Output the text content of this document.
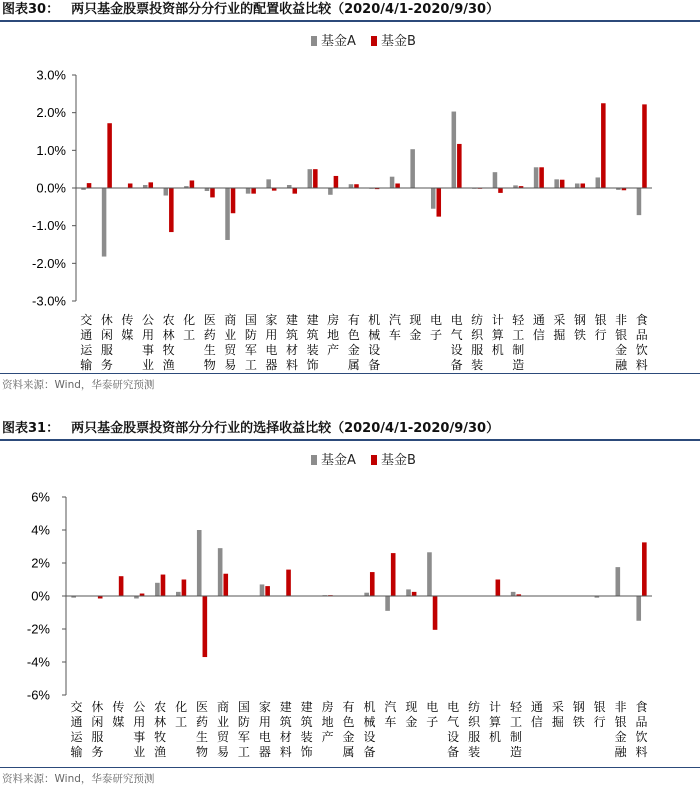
图表30： 两只基金股票投资部分分行业的配置收益比较（2020/4/1-2020/9/30）
基金A 基金B
3.0%
2.0%
1.0%
0.0%
-1.0%
-2.0%
-3.0%
交通运输
休闲服务
传媒
公用事业
农林牧渔
化工
医药生物
商业贸易
国防军工
家用电器
建筑材料
建筑装饰
房地产
有色金属
机械设备
汽车
现金
电子
电气设备
纺织服装
计算机
轻工制造
通信
采掘
钢铁
银行
非银金融
食品饮料
资料来源：Wind，华泰研究预测
图表31： 两只基金股票投资部分分行业的选择收益比较（2020/4/1-2020/9/30）
基金A 基金B
6%
4%
2%
0%
-2%
-4%
-6%
交通运输
休闲服务
传媒
公用事业
农林牧渔
化工
医药生物
商业贸易
国防军工
家用电器
建筑材料
建筑装饰
房地产
有色金属
机械设备
汽车
现金
电子
电气设备
纺织服装
计算机
轻工制造
通信
采掘
钢铁
银行
非银金融
食品饮料
资料来源：Wind，华泰研究预测
